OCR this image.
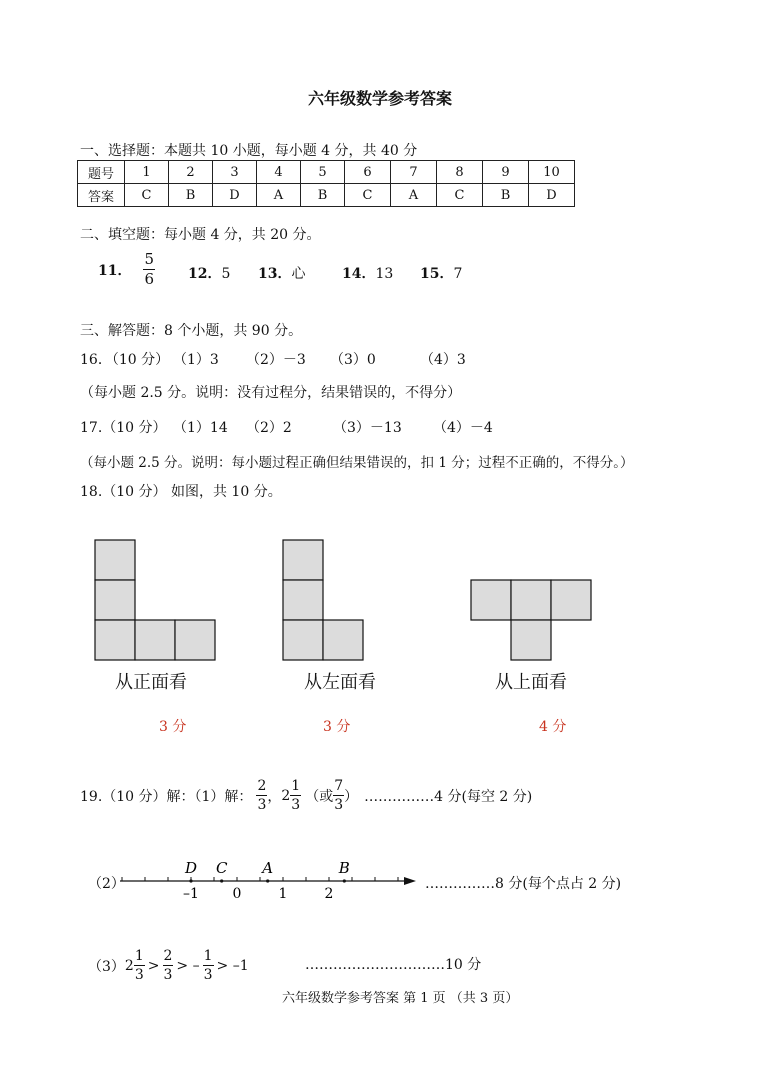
六年级数学参考答案
一、选择题：本题共 10 小题，每小题 4 分，共 40 分
题号	1	2	3	4	5	6	7	8	9	10
答案	C	B	D	A	B	C	A	C	B	D
二、填空题：每小题 4 分，共 20 分。
11． $\frac{5}{6} 12$．5 13．心	14．13 15．7
三、解答题：8 个小题，共 90 分。
16．（10 分） （1）3 （2）－3 （3）0	（4）3
（每小题 2.5 分。说明：没有过程分，结果错误的，不得分）
17.（10 分） （1）14 （2）2	（3）－13 （4）－4
（每小题 2.5 分。说明：每小题过程正确但结果错误的，扣 1 分；过程不正确的，不得分。）
18.（10 分） 如图，共 10 分。
从正面看	从左面看	从上面看
3 分	3 分	4 分
19.（10 分）解：（1）解： $\frac{2}{3}$ ， $2 \frac{1}{3}$ （或 $\frac{7}{3}$ ） ……………4 分(每空 2 分)
（2）
–1 0	1	2
D C A	B
……………8 分(每个点占 2 分)
（3） $2 \frac{1}{3} > \frac{2}{3}$ > – $\frac{1}{3} > -1$	…………………………10 分
六年级数学参考答案 第 1 页 （共 3 页）
